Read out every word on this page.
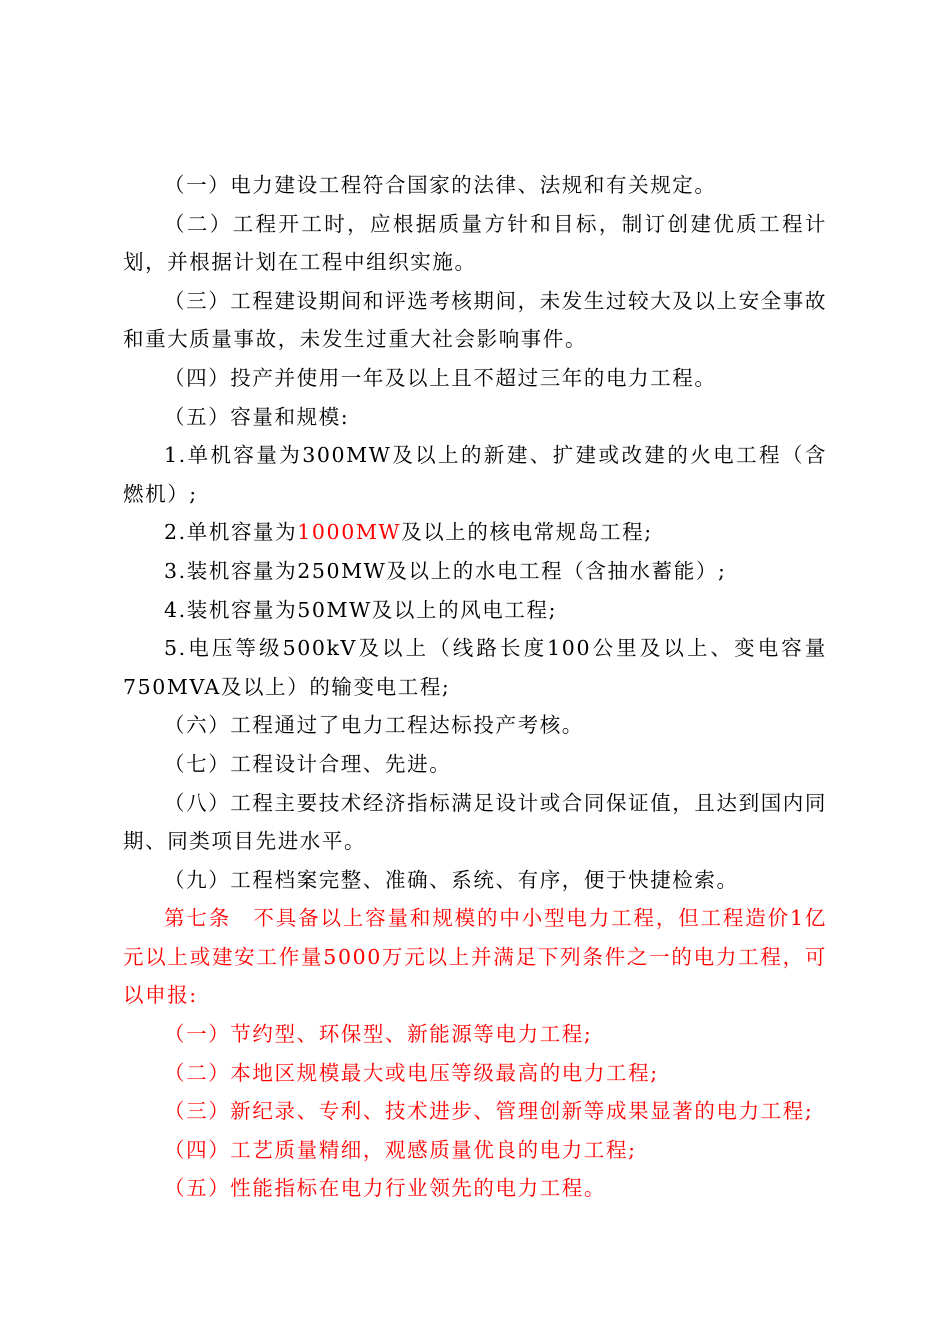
（一）电力建设工程符合国家的法律、法规和有关规定。

（二）工程开工时，应根据质量方针和目标，制订创建优质工程计划，并根据计划在工程中组织实施。

（三）工程建设期间和评选考核期间，未发生过较大及以上安全事故和重大质量事故，未发生过重大社会影响事件。

（四）投产并使用一年及以上且不超过三年的电力工程。

（五）容量和规模:

1.单机容量为300MW及以上的新建、扩建或改建的火电工程（含燃机）;

2.单机容量为1000MW及以上的核电常规岛工程;

3.装机容量为250MW及以上的水电工程（含抽水蓄能）;

4.装机容量为50MW及以上的风电工程;

5.电压等级500kV及以上（线路长度100公里及以上、变电容量750MVA及以上）的输变电工程;

（六）工程通过了电力工程达标投产考核。

（七）工程设计合理、先进。

（八）工程主要技术经济指标满足设计或合同保证值，且达到国内同期、同类项目先进水平。

（九）工程档案完整、准确、系统、有序，便于快捷检索。

第七条　不具备以上容量和规模的中小型电力工程，但工程造价1亿元以上或建安工作量5000万元以上并满足下列条件之一的电力工程，可以申报:

（一）节约型、环保型、新能源等电力工程;

（二）本地区规模最大或电压等级最高的电力工程;

（三）新纪录、专利、技术进步、管理创新等成果显著的电力工程;

（四）工艺质量精细，观感质量优良的电力工程;

（五）性能指标在电力行业领先的电力工程。
